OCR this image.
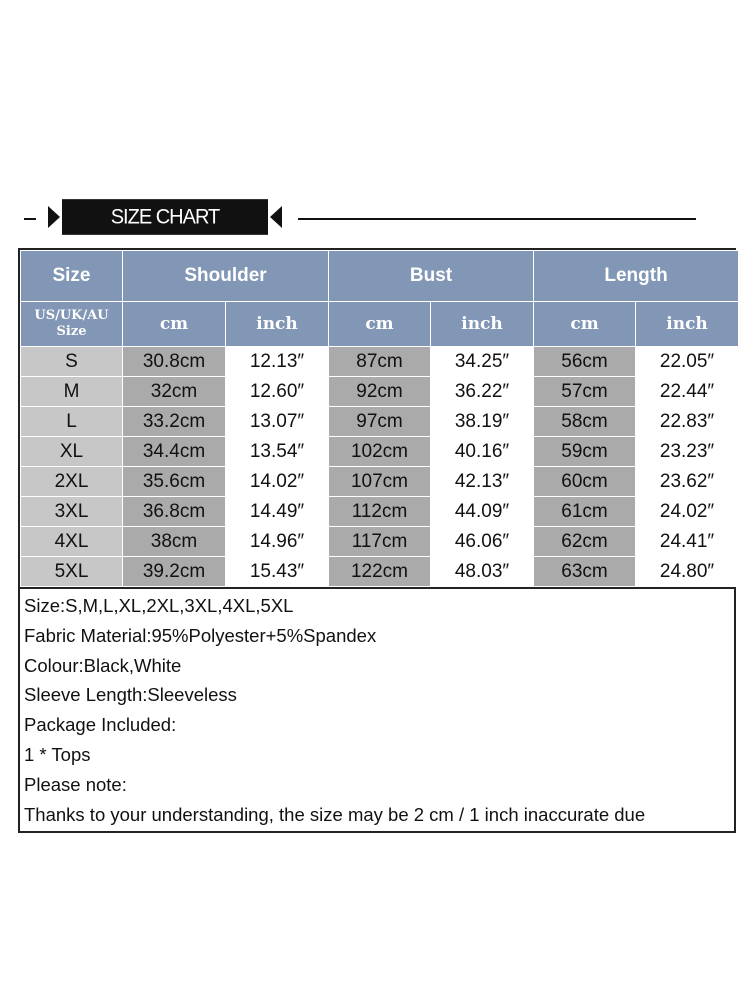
SIZE CHART
Size	Shoulder		Bust		Length	
US/UK/AU Size	cm	inch	cm	inch	cm	inch
S	30.8cm	12.13″	87cm	34.25″	56cm	22.05″
M	32cm	12.60″	92cm	36.22″	57cm	22.44″
L	33.2cm	13.07″	97cm	38.19″	58cm	22.83″
XL	34.4cm	13.54″	102cm	40.16″	59cm	23.23″
2XL	35.6cm	14.02″	107cm	42.13″	60cm	23.62″
3XL	36.8cm	14.49″	112cm	44.09″	61cm	24.02″
4XL	38cm	14.96″	117cm	46.06″	62cm	24.41″
5XL	39.2cm	15.43″	122cm	48.03″	63cm	24.80″

Size:S,M,L,XL,2XL,3XL,4XL,5XL

Fabric Material:95%Polyester+5%Spandex

Colour:Black,White

Sleeve Length:Sleeveless

Package Included:

1 * Tops

Please note:

Thanks to your understanding, the size may be 2 cm / 1 inch inaccurate due
